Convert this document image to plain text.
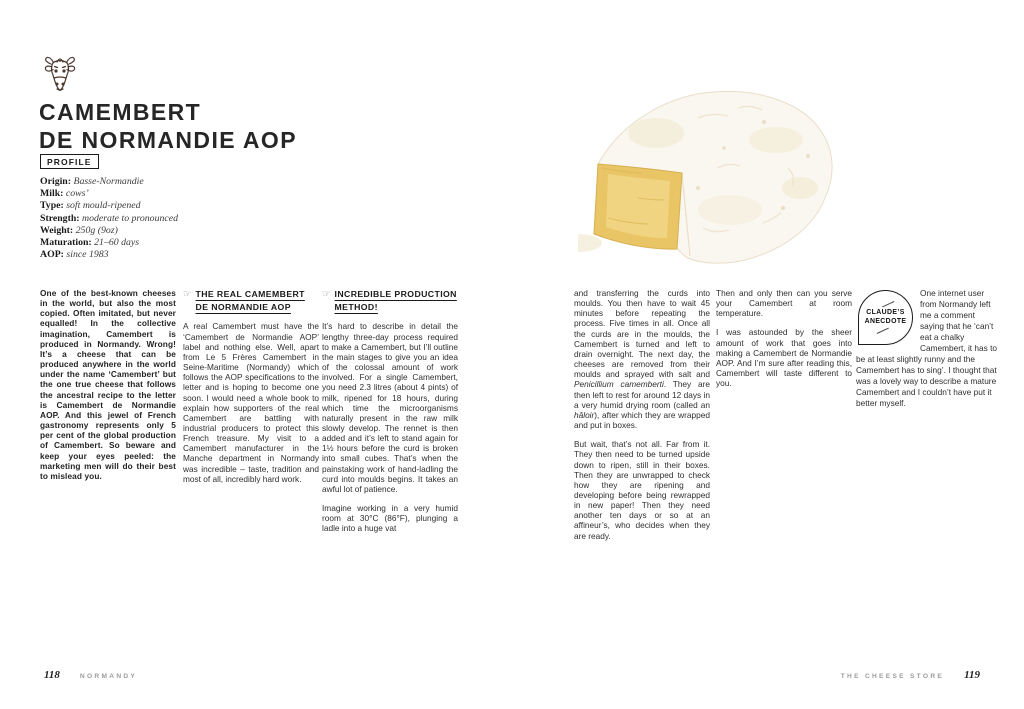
CAMEMBERT
DE NORMANDIE AOP
PROFILE
Origin: Basse-Normandie
Milk: cows’
Type: soft mould-ripened
Strength: moderate to pronounced
Weight: 250g (9oz)
Maturation: 21–60 days
AOP: since 1983

One of the best-known cheeses in the world, but also the most copied. Often imitated, but never equalled! In the collective imagination, Camembert is produced in Normandy. Wrong! It’s a cheese that can be produced anywhere in the world under the name ‘Camembert’ but the one true cheese that follows the ancestral recipe to the letter is Camembert de Normandie AOP. And this jewel of French gastronomy represents only 5 per cent of the global production of Camembert. So beware and keep your eyes peeled: the marketing men will do their best to mislead you.

☞ THE REAL CAMEMBERT DE NORMANDIE AOP

A real Camembert must have the ‘Camembert de Normandie AOP’ label and nothing else. Well, apart from Le 5 Frères Camembert in Seine-Maritime (Normandy) which follows the AOP specifications to the letter and is hoping to become one soon. I would need a whole book to explain how supporters of the real Camembert are battling with industrial producers to protect this French treasure. My visit to a Camembert manufacturer in the Manche department in Normandy was incredible – taste, tradition and most of all, incredibly hard work.

☞ INCREDIBLE PRODUCTION METHOD!

It’s hard to describe in detail the lengthy three-day process required to make a Camembert, but I’ll outline the main stages to give you an idea of the colossal amount of work involved. For a single Camembert, you need 2.3 litres (about 4 pints) of milk, ripened for 18 hours, during which time the microorganisms naturally present in the raw milk slowly develop. The rennet is then added and it’s left to stand again for 1½ hours before the curd is broken into small cubes. That’s when the painstaking work of hand-ladling the curd into moulds begins. It takes an awful lot of patience.

Imagine working in a very humid room at 30°C (86°F), plunging a ladle into a huge vat

and transferring the curds into moulds. You then have to wait 45 minutes before repeating the process. Five times in all. Once all the curds are in the moulds, the Camembert is turned and left to drain overnight. The next day, the cheeses are removed from their moulds and sprayed with salt and Penicillium camemberti. They are then left to rest for around 12 days in a very humid drying room (called an hâloir), after which they are wrapped and put in boxes.

But wait, that’s not all. Far from it. They then need to be turned upside down to ripen, still in their boxes. Then they are unwrapped to check how they are ripening and developing before being rewrapped in new paper! Then they need another ten days or so at an affineur’s, who decides when they are ready.

Then and only then can you serve your Camembert at room temperature.

I was astounded by the sheer amount of work that goes into making a Camembert de Normandie AOP. And I’m sure after reading this, Camembert will taste different to you.

CLAUDE’S
ANECDOTE
One internet user from Normandy left me a comment saying that he ‘can’t eat a chalky Camembert, it has to be at least slightly runny and the Camembert has to sing’. I thought that was a lovely way to describe a mature Camembert and I couldn’t have put it better myself.
118	NORMANDY	THE CHEESE STORE 119
